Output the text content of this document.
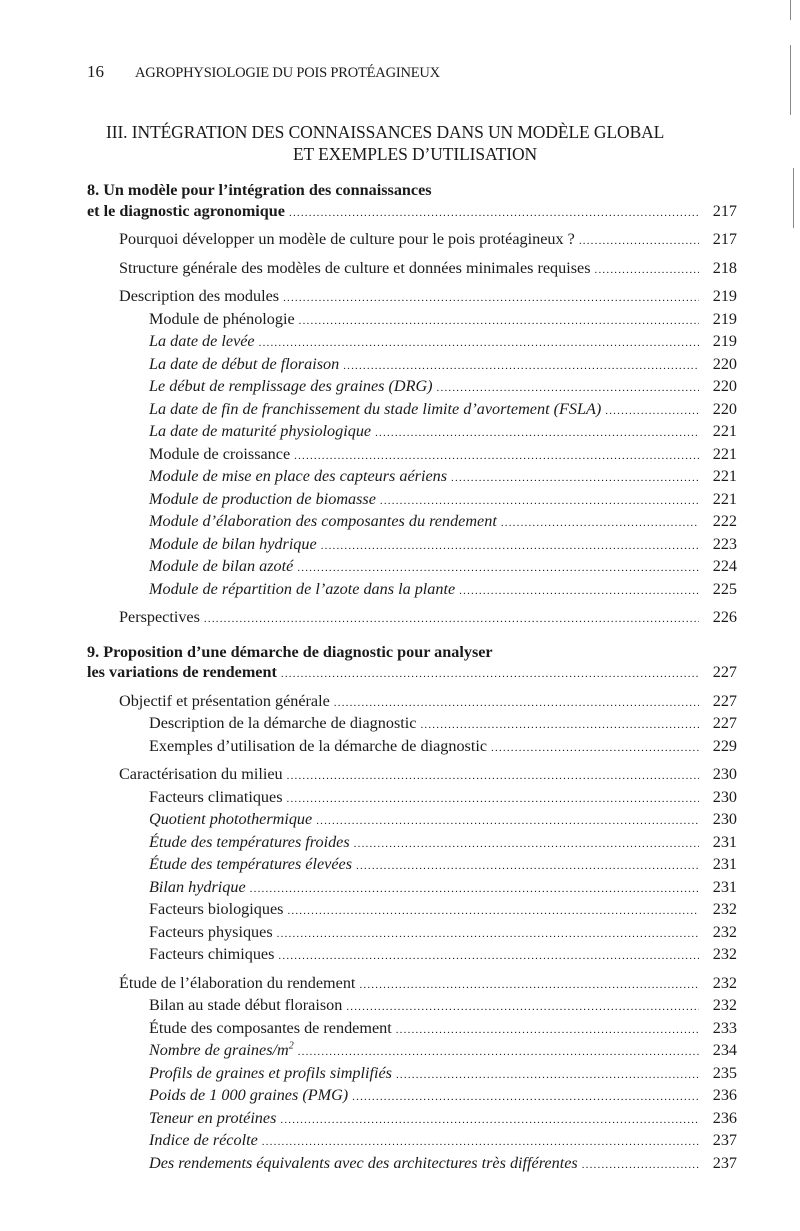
16 AGROPHYSIOLOGIE DU POIS PROTÉAGINEUX
III. INTÉGRATION DES CONNAISSANCES DANS UN MODÈLE GLOBAL
ET EXEMPLES D’UTILISATION
8. Un modèle pour l’intégration des connaissances
et le diagnostic agronomique .....	217
Pourquoi développer un modèle de culture pour le pois protéagineux ? .....	217
Structure générale des modèles de culture et données minimales requises .....	218
Description des modules .....	219
Module de phénologie .....	219
La date de levée .....	219
La date de début de floraison .....	220
Le début de remplissage des graines (DRG) .....	220
La date de fin de franchissement du stade limite d’avortement (FSLA) .....	220
La date de maturité physiologique .....	221
Module de croissance .....	221
Module de mise en place des capteurs aériens .....	221
Module de production de biomasse .....	221
Module d’élaboration des composantes du rendement .....	222
Module de bilan hydrique .....	223
Module de bilan azoté .....	224
Module de répartition de l’azote dans la plante .....	225
Perspectives .....	226
9. Proposition d’une démarche de diagnostic pour analyser
les variations de rendement .....	227
Objectif et présentation générale .....	227
Description de la démarche de diagnostic .....	227
Exemples d’utilisation de la démarche de diagnostic .....	229
Caractérisation du milieu .....	230
Facteurs climatiques .....	230
Quotient photothermique .....	230
Étude des températures froides .....	231
Étude des températures élevées .....	231
Bilan hydrique .....	231
Facteurs biologiques .....	232
Facteurs physiques .....	232
Facteurs chimiques .....	232
Étude de l’élaboration du rendement .....	232
Bilan au stade début floraison .....	232
Étude des composantes de rendement .....	233
Nombre de graines/$m^2$ .....	234
Profils de graines et profils simplifiés .....	235
Poids de 1 000 graines (PMG) .....	236
Teneur en protéines .....	236
Indice de récolte .....	237
Des rendements équivalents avec des architectures très différentes .....	237
